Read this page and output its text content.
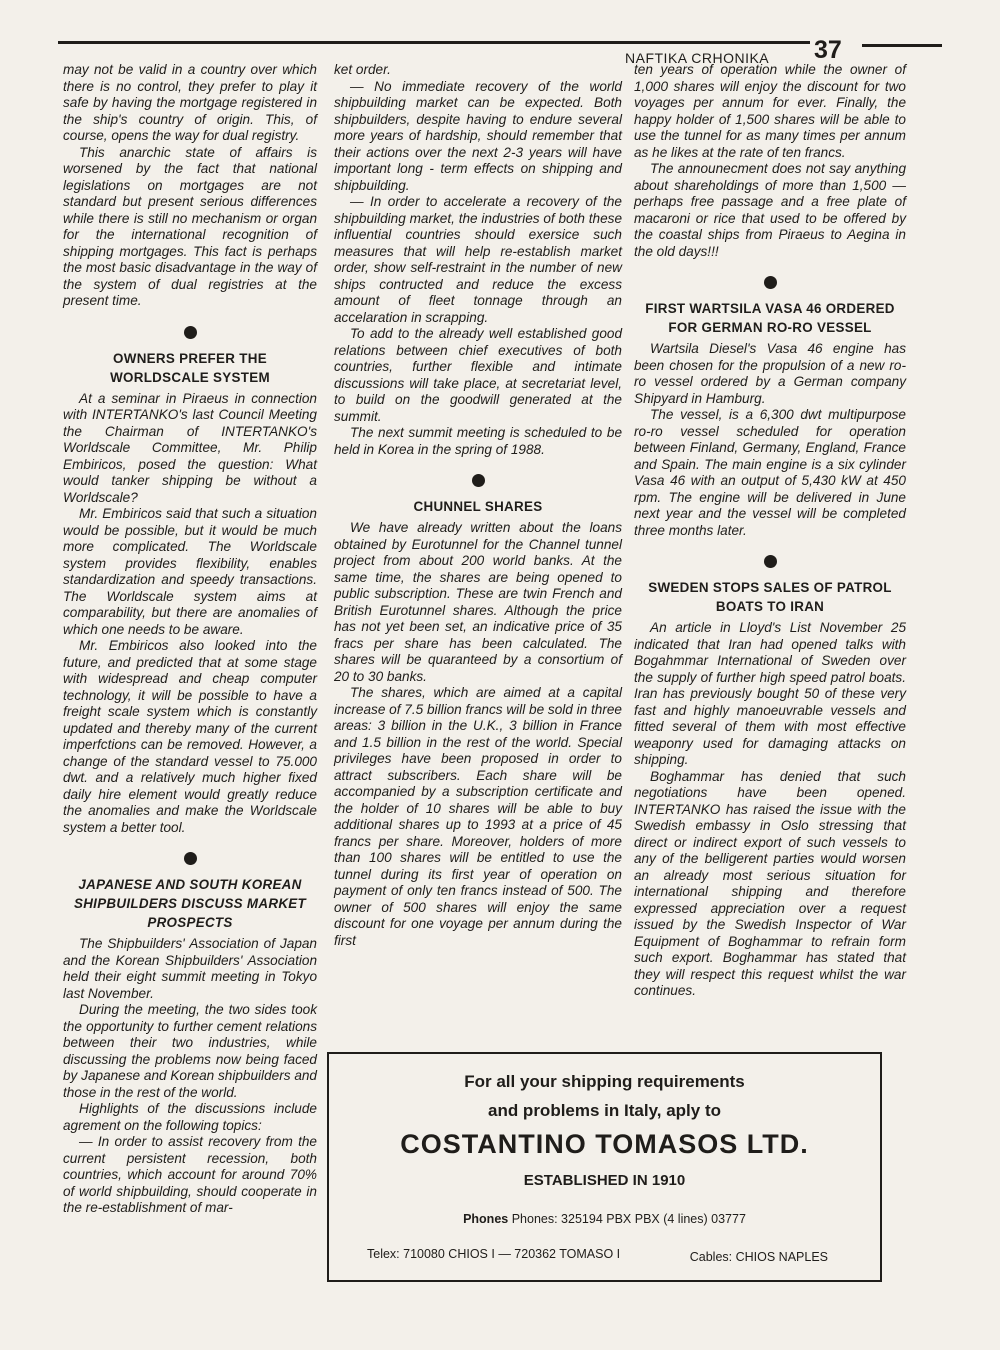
NAFTIKA CRHONIKA 37

may not be valid in a country over which there is no control, they prefer to play it safe by having the mortgage registered in the ship's country of origin. This, of course, opens the way for dual registry.

This anarchic state of affairs is worsened by the fact that national legislations on mortgages are not standard but present serious differences while there is still no mechanism or organ for the international recognition of shipping mortgages. This fact is perhaps the most basic disadvantage in the way of the system of dual registries at the present time.

OWNERS PREFER THE WORLDSCALE SYSTEM

At a seminar in Piraeus in connection with INTERTANKO's last Council Meeting the Chairman of INTERTANKO's Worldscale Committee, Mr. Philip Embiricos, posed the question: What would tanker shipping be without a Worldscale?

Mr. Embiricos said that such a situation would be possible, but it would be much more complicated. The Worldscale system provides flexibility, enables standardization and speedy transactions. The Worldscale system aims at comparability, but there are anomalies of which one needs to be aware.

Mr. Embiricos also looked into the future, and predicted that at some stage with widespread and cheap computer technology, it will be possible to have a freight scale system which is constantly updated and thereby many of the current imperfctions can be removed. However, a change of the standard vessel to 75.000 dwt. and a relatively much higher fixed daily hire element would greatly reduce the anomalies and make the Worldscale system a better tool.

JAPANESE AND SOUTH KOREAN SHIPBUILDERS DISCUSS MARKET PROSPECTS

The Shipbuilders' Association of Japan and the Korean Shipbuilders' Association held their eight summit meeting in Tokyo last November.

During the meeting, the two sides took the opportunity to further cement relations between their two industries, while discussing the problems now being faced by Japanese and Korean shipbuilders and those in the rest of the world.

Highlights of the discussions include agrement on the following topics:

— In order to assist recovery from the current persistent recession, both countries, which account for around 70% of world shipbuilding, should cooperate in the re-establishment of mar-

ket order.

— No immediate recovery of the world shipbuilding market can be expected. Both shipbuilders, despite having to endure several more years of hardship, should remember that their actions over the next 2-3 years will have important long - term effects on shipping and shipbuilding.

— In order to accelerate a recovery of the shipbuilding market, the industries of both these influential countries should exersice such measures that will help re-establish market order, show self-restraint in the number of new ships contructed and reduce the excess amount of fleet tonnage through an accelaration in scrapping.

To add to the already well established good relations between chief executives of both countries, further flexible and intimate discussions will take place, at secretariat level, to build on the goodwill generated at the summit.

The next summit meeting is scheduled to be held in Korea in the spring of 1988.

CHUNNEL SHARES

We have already written about the loans obtained by Eurotunnel for the Channel tunnel project from about 200 world banks. At the same time, the shares are being opened to public subscription. These are twin French and British Eurotunnel shares. Although the price has not yet been set, an indicative price of 35 fracs per share has been calculated. The shares will be quaranteed by a consortium of 20 to 30 banks.

The shares, which are aimed at a capital increase of 7.5 billion francs will be sold in three areas: 3 billion in the U.K., 3 billion in France and 1.5 billion in the rest of the world. Special privileges have been proposed in order to attract subscribers. Each share will be accompanied by a subscription certificate and the holder of 10 shares will be able to buy additional shares up to 1993 at a price of 45 francs per share. Moreover, holders of more than 100 shares will be entitled to use the tunnel during its first year of operation on payment of only ten francs instead of 500. The owner of 500 shares will enjoy the same discount for one voyage per annum during the first

ten years of operation while the owner of 1,000 shares will enjoy the discount for two voyages per annum for ever. Finally, the happy holder of 1,500 shares will be able to use the tunnel for as many times per annum as he likes at the rate of ten francs.

The announecment does not say anything about shareholdings of more than 1,500 — perhaps free passage and a free plate of macaroni or rice that used to be offered by the coastal ships from Piraeus to Aegina in the old days!!!

FIRST WARTSILA VASA 46 ORDERED FOR GERMAN RO-RO VESSEL

Wartsila Diesel's Vasa 46 engine has been chosen for the propulsion of a new ro-ro vessel ordered by a German company Shipyard in Hamburg.

The vessel, is a 6,300 dwt multipurpose ro-ro vessel scheduled for operation between Finland, Germany, England, France and Spain. The main engine is a six cylinder Vasa 46 with an output of 5,430 kW at 450 rpm. The engine will be delivered in June next year and the vessel will be completed three months later.

SWEDEN STOPS SALES OF PATROL BOATS TO IRAN

An article in Lloyd's List November 25 indicated that Iran had opened talks with Bogahmmar International of Sweden over the supply of further high speed patrol boats. Iran has previously bought 50 of these very fast and highly manoeuvrable vessels and fitted several of them with most effective weaponry used for damaging attacks on shipping.

Boghammar has denied that such negotiations have been opened. INTERTANKO has raised the issue with the Swedish embassy in Oslo stressing that direct or indirect export of such vessels to any of the belligerent parties would worsen an already most serious situation for international shipping and therefore expressed appreciation over a request issued by the Swedish Inspector of War Equipment of Boghammar to refrain form such export. Boghammar has stated that they will respect this request whilst the war continues.

For all your shipping requirements
and problems in Italy, aply to
COSTANTINO TOMASOS LTD.
ESTABLISHED IN 1910
Phones Phones: 325194 PBX PBX (4 lines) 03777
Telex: 710080 CHIOS I — 720362 TOMASO I	Cables: CHIOS NAPLES
